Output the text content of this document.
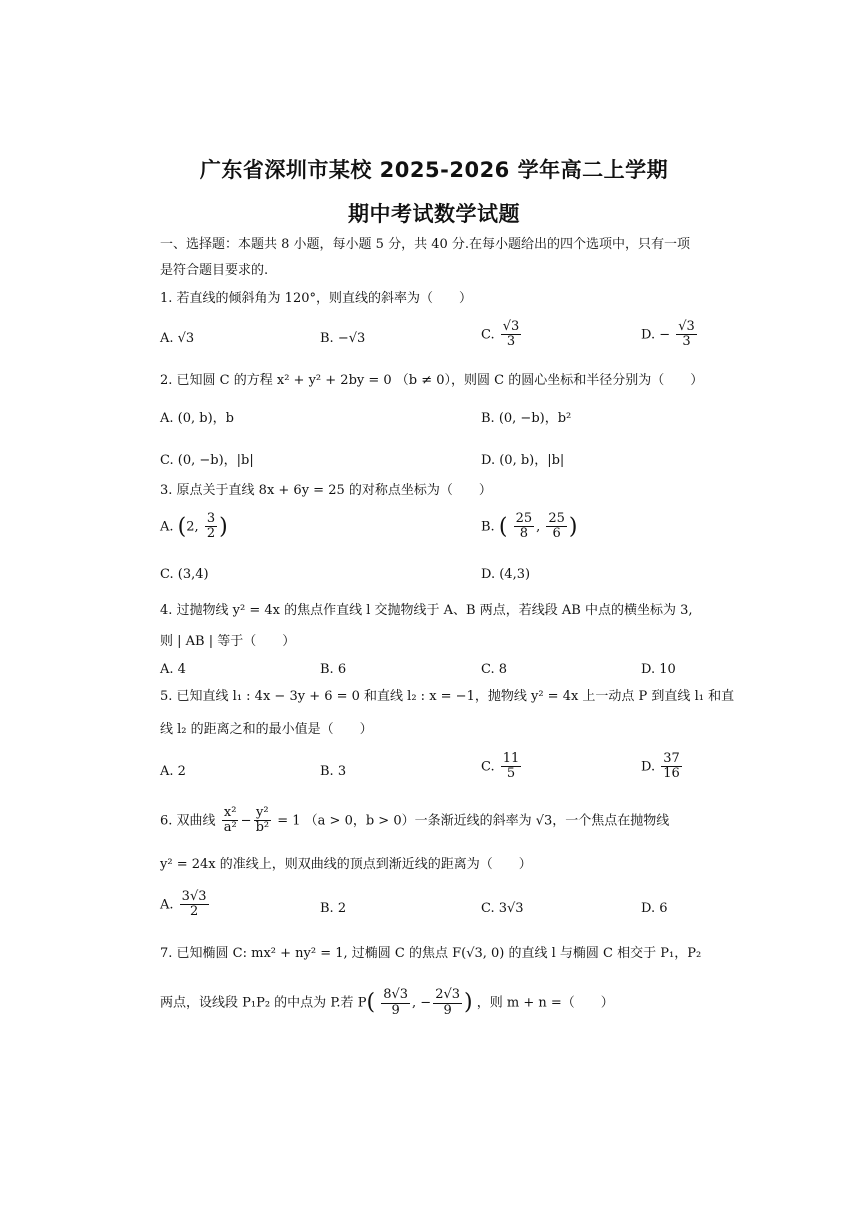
广东省深圳市某校 2025-2026 学年高二上学期
期中考试数学试题
一、选择题：本题共 8 小题，每小题 5 分，共 40 分.在每小题给出的四个选项中，只有一项
是符合题目要求的.
1. 若直线的倾斜角为 120°，则直线的斜率为（　　）
A. √3	B. −√3	C. $\frac{√3}{3}$	D. − $\frac{√3}{3}$
2. 已知圆 C 的方程 x² + y² + 2by = 0 （b ≠ 0），则圆 C 的圆心坐标和半径分别为（　　）
A. (0, b)，b	B. (0, −b)，b²
C. (0, −b)，|b|	D. (0, b)，|b|
3. 原点关于直线 8x + 6y = 25 的对称点坐标为（　　）
A. (2, $\frac{3}{2}$ )	B. ( $\frac{25}{8}$ , $\frac{25}{6}$ )
C. (3,4)	D. (4,3)
4. 过抛物线 y² = 4x 的焦点作直线 l 交抛物线于 A、B 两点，若线段 AB 中点的横坐标为 3,
则 | AB | 等于（　　）
A. 4	B. 6	C. 8	D. 10
5. 已知直线 l₁ : 4x − 3y + 6 = 0 和直线 l₂ : x = −1，抛物线 y² = 4x 上一动点 P 到直线 l₁ 和直
线 l₂ 的距离之和的最小值是（　　）
A. 2	B. 3	C. $\frac{11}{5}$	D. $\frac{37}{16}$
6. 双曲线 $\frac{\text{x²}}{\text{a²}} - \frac{\text{y²}}{\text{b²}} = 1$ （a > 0，b > 0）一条渐近线的斜率为 √3，一个焦点在抛物线
y² = 24x 的准线上，则双曲线的顶点到渐近线的距离为（　　）
A. $\frac{3√3}{2}$	B. 2	C. 3√3	D. 6
7. 已知椭圆 C: mx² + ny² = 1, 过椭圆 C 的焦点 F(√3, 0) 的直线 l 与椭圆 C 相交于 P₁，P₂
两点，设线段 P₁P₂ 的中点为 P.若 $P( \frac{8√3}{9}$ , − $\frac{2√3}{9}$ ) ，则 m + n =（　　）
